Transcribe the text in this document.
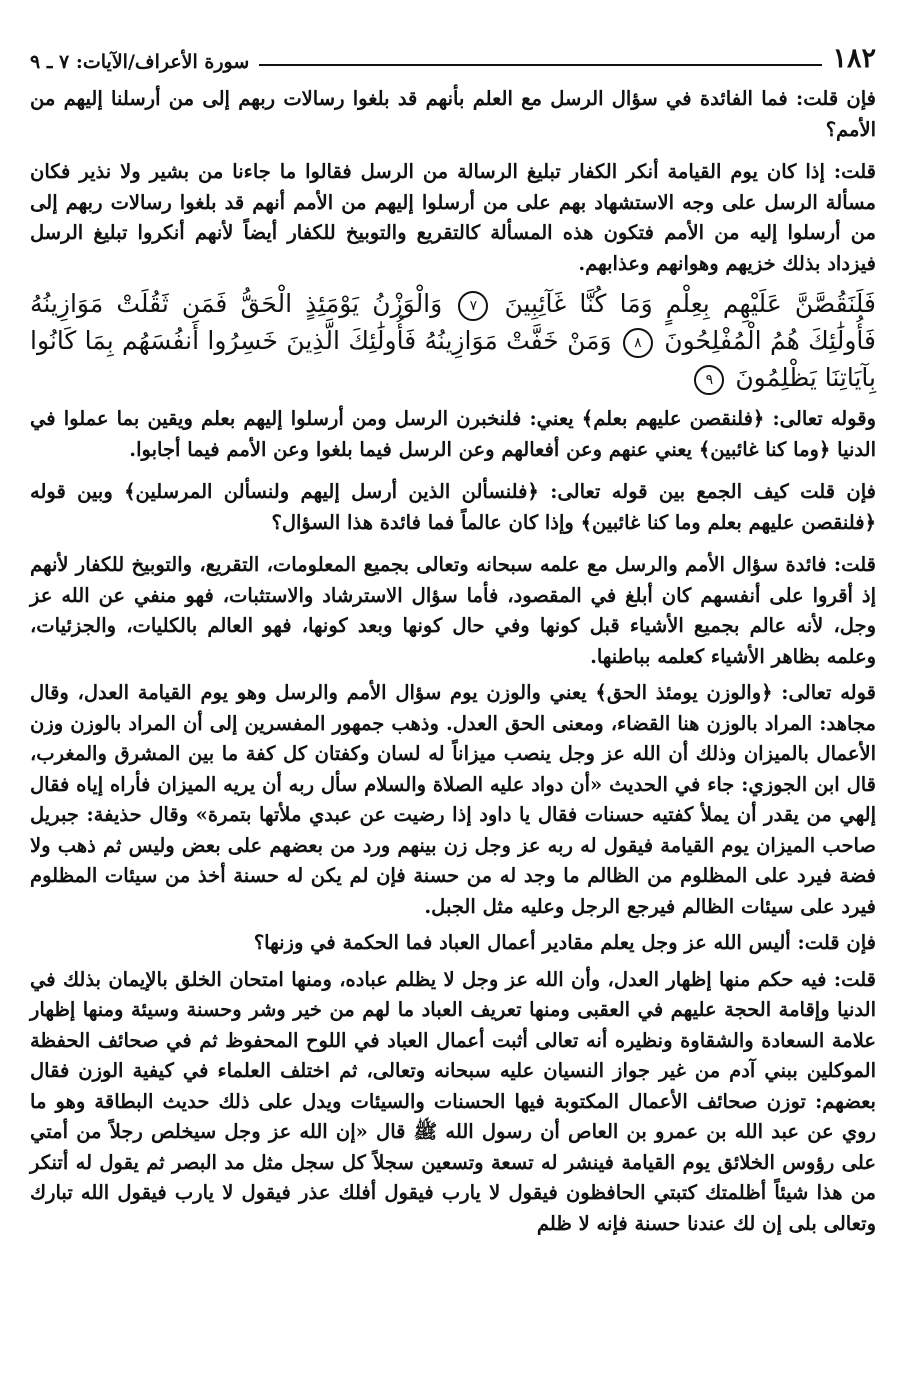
١٨٢
سورة الأعراف/الآيات: ٧ ـ ٩

فإن قلت: فما الفائدة في سؤال الرسل مع العلم بأنهم قد بلغوا رسالات ربهم إلى من أرسلنا إليهم من الأمم؟

قلت: إذا كان يوم القيامة أنكر الكفار تبليغ الرسالة من الرسل فقالوا ما جاءنا من بشير ولا نذير فكان مسألة الرسل على وجه الاستشهاد بهم على من أرسلوا إليهم من الأمم أنهم قد بلغوا رسالات ربهم إلى من أرسلوا إليه من الأمم فتكون هذه المسألة كالتقريع والتوبيخ للكفار أيضاً لأنهم أنكروا تبليغ الرسل فيزداد بذلك خزيهم وهوانهم وعذابهم.

فَلَنَقُصَّنَّ عَلَيْهِم بِعِلْمٍ وَمَا كُنَّا غَآئِبِينَ ٧ وَالْوَزْنُ يَوْمَئِذٍ الْحَقُّ فَمَن ثَقُلَتْ مَوَازِينُهُ فَأُولَٰئِكَ هُمُ الْمُفْلِحُونَ ٨ وَمَنْ خَفَّتْ مَوَازِينُهُ فَأُولَٰئِكَ الَّذِينَ خَسِرُوا أَنفُسَهُم بِمَا كَانُوا بِآيَاتِنَا يَظْلِمُونَ ٩

وقوله تعالى: ﴿فلنقصن عليهم بعلم﴾ يعني: فلنخبرن الرسل ومن أرسلوا إليهم بعلم ويقين بما عملوا في الدنيا ﴿وما كنا غائبين﴾ يعني عنهم وعن أفعالهم وعن الرسل فيما بلغوا وعن الأمم فيما أجابوا.

فإن قلت كيف الجمع بين قوله تعالى: ﴿فلنسألن الذين أرسل إليهم ولنسألن المرسلين﴾ وبين قوله ﴿فلنقصن عليهم بعلم وما كنا غائبين﴾ وإذا كان عالماً فما فائدة هذا السؤال؟

قلت: فائدة سؤال الأمم والرسل مع علمه سبحانه وتعالى بجميع المعلومات، التقريع، والتوبيخ للكفار لأنهم إذ أقروا على أنفسهم كان أبلغ في المقصود، فأما سؤال الاسترشاد والاستثبات، فهو منفي عن الله عز وجل، لأنه عالم بجميع الأشياء قبل كونها وفي حال كونها وبعد كونها، فهو العالم بالكليات، والجزئيات، وعلمه بظاهر الأشياء كعلمه بباطنها.

قوله تعالى: ﴿والوزن يومئذ الحق﴾ يعني والوزن يوم سؤال الأمم والرسل وهو يوم القيامة العدل، وقال مجاهد: المراد بالوزن هنا القضاء، ومعنى الحق العدل. وذهب جمهور المفسرين إلى أن المراد بالوزن وزن الأعمال بالميزان وذلك أن الله عز وجل ينصب ميزاناً له لسان وكفتان كل كفة ما بين المشرق والمغرب، قال ابن الجوزي: جاء في الحديث «أن دواد عليه الصلاة والسلام سأل ربه أن يريه الميزان فأراه إياه فقال إلهي من يقدر أن يملأ كفتيه حسنات فقال يا داود إذا رضيت عن عبدي ملأتها بتمرة» وقال حذيفة: جبريل صاحب الميزان يوم القيامة فيقول له ربه عز وجل زن بينهم ورد من بعضهم على بعض وليس ثم ذهب ولا فضة فيرد على المظلوم من الظالم ما وجد له من حسنة فإن لم يكن له حسنة أخذ من سيئات المظلوم فيرد على سيئات الظالم فيرجع الرجل وعليه مثل الجبل.

فإن قلت: أليس الله عز وجل يعلم مقادير أعمال العباد فما الحكمة في وزنها؟

قلت: فيه حكم منها إظهار العدل، وأن الله عز وجل لا يظلم عباده، ومنها امتحان الخلق بالإيمان بذلك في الدنيا وإقامة الحجة عليهم في العقبى ومنها تعريف العباد ما لهم من خير وشر وحسنة وسيئة ومنها إظهار علامة السعادة والشقاوة ونظيره أنه تعالى أثبت أعمال العباد في اللوح المحفوظ ثم في صحائف الحفظة الموكلين ببني آدم من غير جواز النسيان عليه سبحانه وتعالى، ثم اختلف العلماء في كيفية الوزن فقال بعضهم: توزن صحائف الأعمال المكتوبة فيها الحسنات والسيئات ويدل على ذلك حديث البطاقة وهو ما روي عن عبد الله بن عمرو بن العاص أن رسول الله ﷺ قال «إن الله عز وجل سيخلص رجلاً من أمتي على رؤوس الخلائق يوم القيامة فينشر له تسعة وتسعين سجلاً كل سجل مثل مد البصر ثم يقول له أتنكر من هذا شيئاً أظلمتك كتبتي الحافظون فيقول لا يارب فيقول أفلك عذر فيقول لا يارب فيقول الله تبارك وتعالى بلى إن لك عندنا حسنة فإنه لا ظلم
